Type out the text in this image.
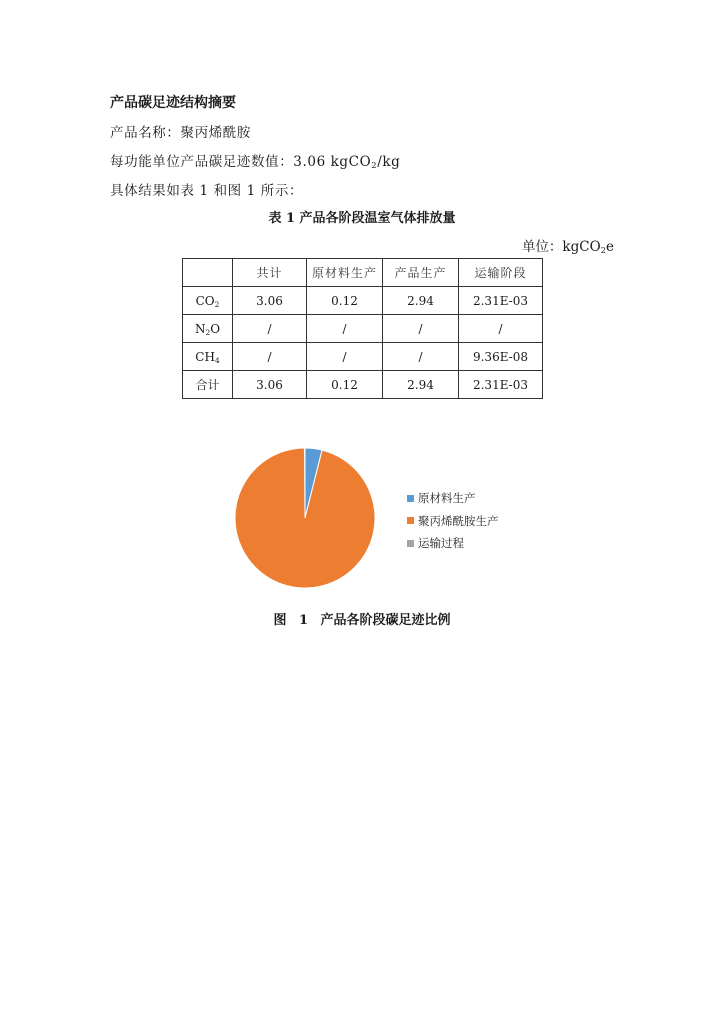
产品碳足迹结构摘要
产品名称：聚丙烯酰胺
每功能单位产品碳足迹数值：3.06 kgCO$_2$/kg
具体结果如表 1 和图 1 所示：
表 1 产品各阶段温室气体排放量
单位：kgCO$_2$e
	共计	原材料生产	产品生产	运输阶段
$CO_2$	3.06	0.12	2.94	2.31E-03
$N_2O$	/	/	/	/
$CH_4$	/	/	/	9.36E-08
合计	3.06	0.12	2.94	2.31E-03
原材料生产
聚丙烯酰胺生产
运输过程
图 1 产品各阶段碳足迹比例
